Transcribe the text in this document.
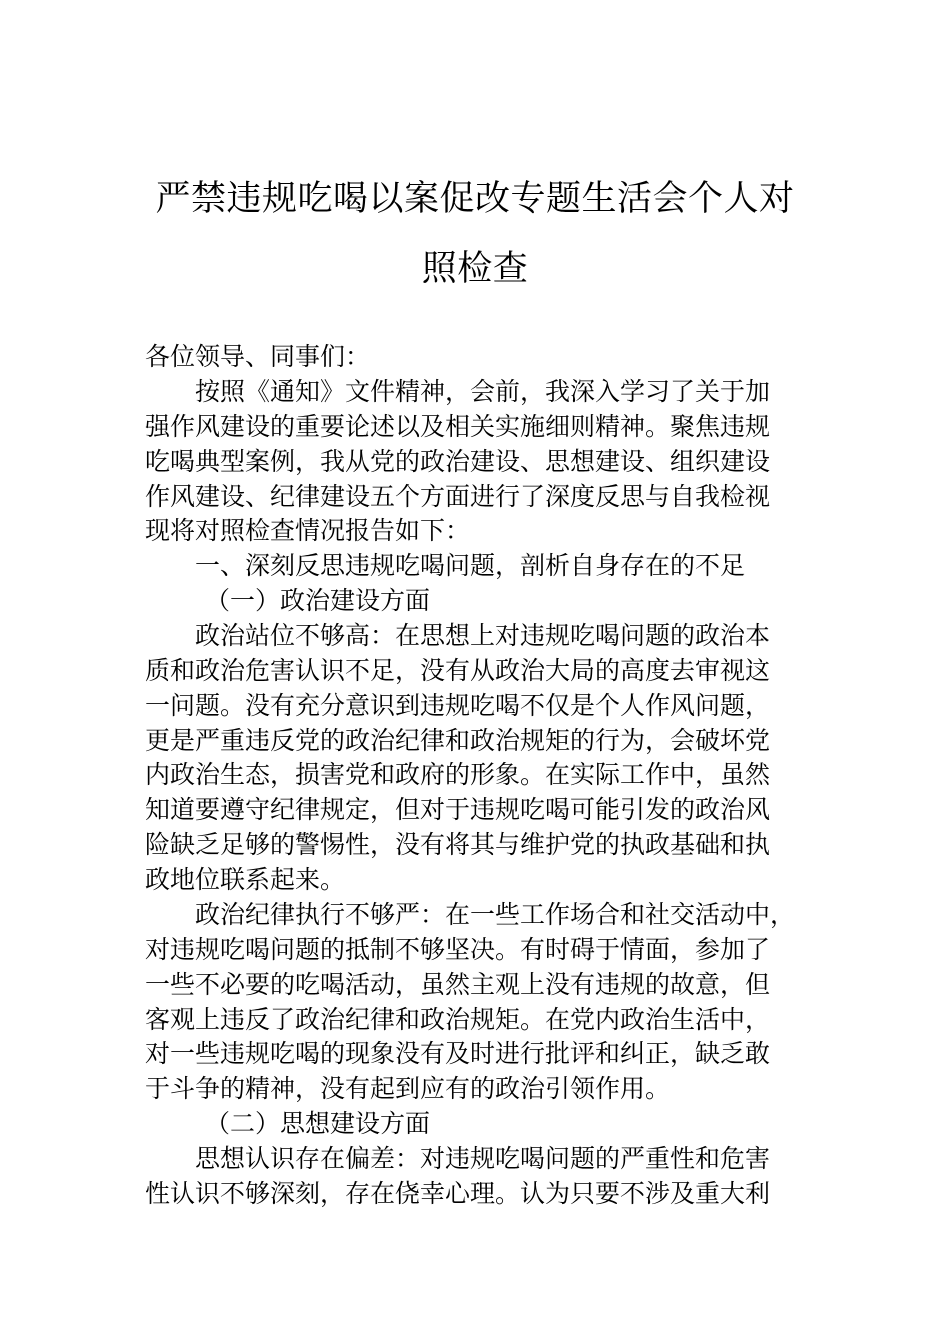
严禁违规吃喝以案促改专题生活会个人对
照检查
各位领导、同事们：
按照《通知》文件精神，会前，我深入学习了关于加
强作风建设的重要论述以及相关实施细则精神。聚焦违规
吃喝典型案例，我从党的政治建设、思想建设、组织建设
作风建设、纪律建设五个方面进行了深度反思与自我检视
现将对照检查情况报告如下：
一、深刻反思违规吃喝问题，剖析自身存在的不足
（一）政治建设方面
政治站位不够高：在思想上对违规吃喝问题的政治本
质和政治危害认识不足，没有从政治大局的高度去审视这
一问题。没有充分意识到违规吃喝不仅是个人作风问题，
更是严重违反党的政治纪律和政治规矩的行为，会破坏党
内政治生态，损害党和政府的形象。在实际工作中，虽然
知道要遵守纪律规定，但对于违规吃喝可能引发的政治风
险缺乏足够的警惕性，没有将其与维护党的执政基础和执
政地位联系起来。
政治纪律执行不够严：在一些工作场合和社交活动中，
对违规吃喝问题的抵制不够坚决。有时碍于情面，参加了
一些不必要的吃喝活动，虽然主观上没有违规的故意，但
客观上违反了政治纪律和政治规矩。在党内政治生活中，
对一些违规吃喝的现象没有及时进行批评和纠正，缺乏敢
于斗争的精神，没有起到应有的政治引领作用。
（二）思想建设方面
思想认识存在偏差：对违规吃喝问题的严重性和危害
性认识不够深刻，存在侥幸心理。认为只要不涉及重大利
